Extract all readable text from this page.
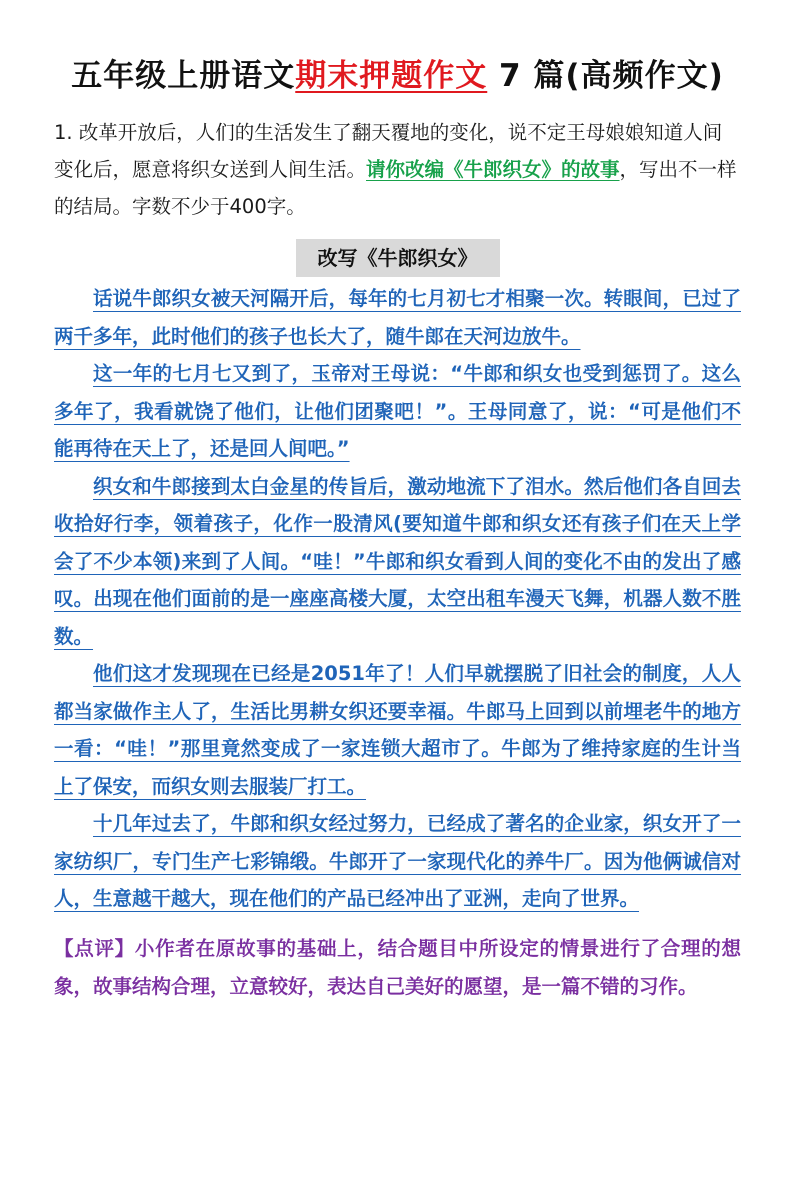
五年级上册语文期末押题作文 7 篇(高频作文)
1. 改革开放后，人们的生活发生了翻天覆地的变化，说不定王母娘娘知道人间变化后，愿意将织女送到人间生活。请你改编《牛郎织女》的故事，写出不一样的结局。字数不少于400字。
改写《牛郎织女》

话说牛郎织女被天河隔开后，每年的七月初七才相聚一次。转眼间，已过了两千多年，此时他们的孩子也长大了，随牛郎在天河边放牛。

这一年的七月七又到了，玉帝对王母说：“牛郎和织女也受到惩罚了。这么多年了，我看就饶了他们，让他们团聚吧！”。王母同意了，说：“可是他们不能再待在天上了，还是回人间吧。”

织女和牛郎接到太白金星的传旨后，激动地流下了泪水。然后他们各自回去收拾好行李，领着孩子，化作一股清风(要知道牛郎和织女还有孩子们在天上学会了不少本领)来到了人间。“哇！”牛郎和织女看到人间的变化不由的发出了感叹。出现在他们面前的是一座座高楼大厦，太空出租车漫天飞舞，机器人数不胜数。

他们这才发现现在已经是2051年了！人们早就摆脱了旧社会的制度，人人都当家做作主人了，生活比男耕女织还要幸福。牛郎马上回到以前埋老牛的地方一看：“哇！”那里竟然变成了一家连锁大超市了。牛郎为了维持家庭的生计当上了保安，而织女则去服装厂打工。

十几年过去了，牛郎和织女经过努力，已经成了著名的企业家，织女开了一家纺织厂，专门生产七彩锦缎。牛郎开了一家现代化的养牛厂。因为他俩诚信对人，生意越干越大，现在他们的产品已经冲出了亚洲，走向了世界。

【点评】小作者在原故事的基础上，结合题目中所设定的情景进行了合理的想象，故事结构合理，立意较好，表达自己美好的愿望，是一篇不错的习作。
